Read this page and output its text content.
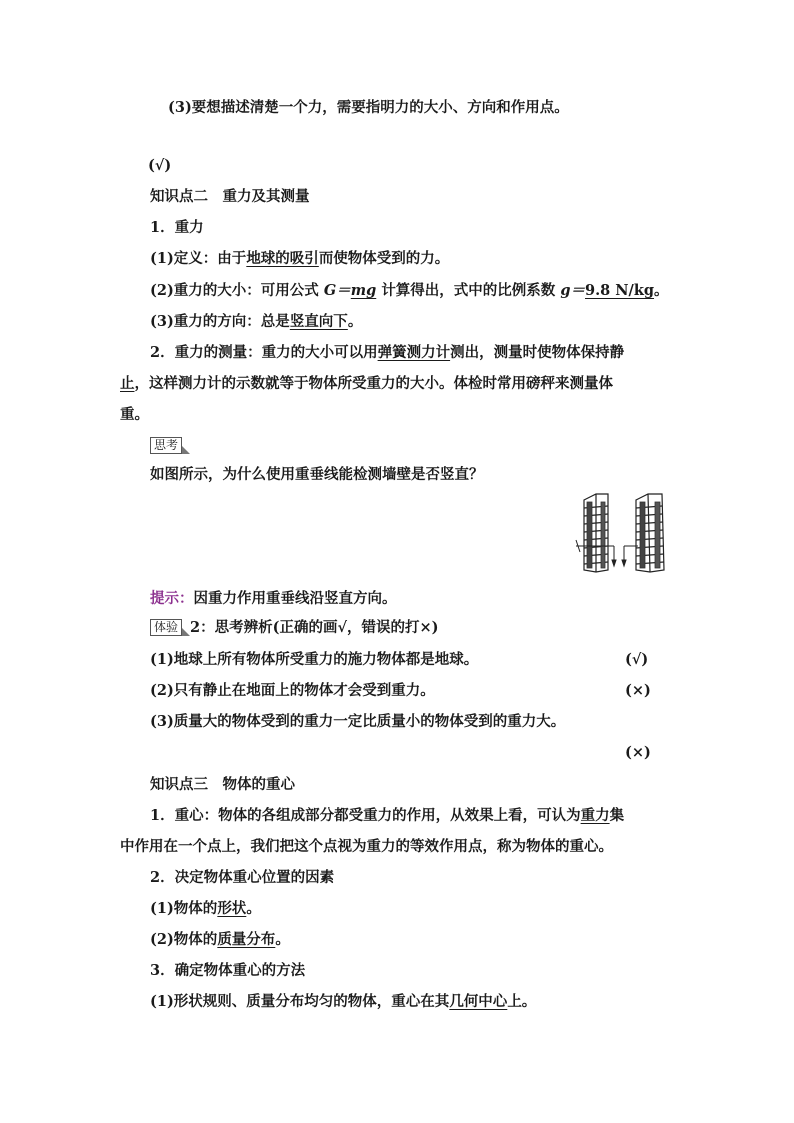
(3)要想描述清楚一个力，需要指明力的大小、方向和作用点。
(√)
知识点二　重力及其测量
1．重力
(1)定义：由于地球的吸引而使物体受到的力。
(2)重力的大小：可用公式 G＝mg 计算得出，式中的比例系数 g＝9.8 N/kg。
(3)重力的方向：总是竖直向下。
2．重力的测量：重力的大小可以用弹簧测力计测出，测量时使物体保持静
止，这样测力计的示数就等于物体所受重力的大小。体检时常用磅秤来测量体
重。
思考
如图所示，为什么使用重垂线能检测墙壁是否竖直？
提示：因重力作用重垂线沿竖直方向。
体验 2：思考辨析(正确的画√，错误的打×)
(1)地球上所有物体所受重力的施力物体都是地球。	(√)
(2)只有静止在地面上的物体才会受到重力。	(×)
(3)质量大的物体受到的重力一定比质量小的物体受到的重力大。
(×)
知识点三　物体的重心
1．重心：物体的各组成部分都受重力的作用，从效果上看，可认为重力集
中作用在一个点上，我们把这个点视为重力的等效作用点，称为物体的重心。
2．决定物体重心位置的因素
(1)物体的形状。
(2)物体的质量分布。
3．确定物体重心的方法
(1)形状规则、质量分布均匀的物体，重心在其几何中心上。
